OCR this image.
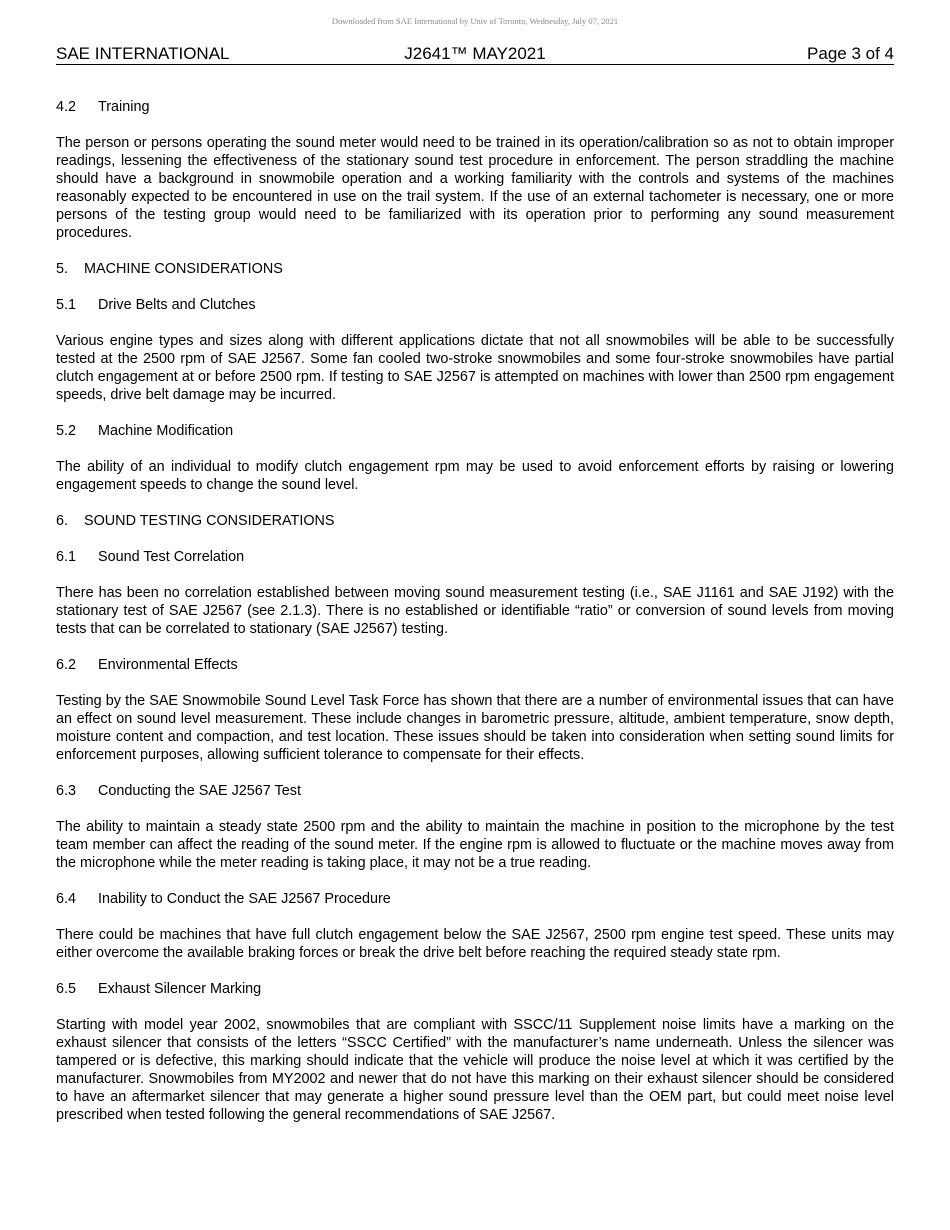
Downloaded from SAE International by Univ of Toronto, Wednesday, July 07, 2021
SAE INTERNATIONAL	J2641™ MAY2021	Page 3 of 4
4.2 Training

The person or persons operating the sound meter would need to be trained in its operation/calibration so as not to obtain improper readings, lessening the effectiveness of the stationary sound test procedure in enforcement. The person straddling the machine should have a background in snowmobile operation and a working familiarity with the controls and systems of the machines reasonably expected to be encountered in use on the trail system. If the use of an external tachometer is necessary, one or more persons of the testing group would need to be familiarized with its operation prior to performing any sound measurement procedures.

5. MACHINE CONSIDERATIONS
5.1 Drive Belts and Clutches

Various engine types and sizes along with different applications dictate that not all snowmobiles will be able to be successfully tested at the 2500 rpm of SAE J2567. Some fan cooled two-stroke snowmobiles and some four-stroke snowmobiles have partial clutch engagement at or before 2500 rpm. If testing to SAE J2567 is attempted on machines with lower than 2500 rpm engagement speeds, drive belt damage may be incurred.

5.2 Machine Modification

The ability of an individual to modify clutch engagement rpm may be used to avoid enforcement efforts by raising or lowering engagement speeds to change the sound level.

6. SOUND TESTING CONSIDERATIONS
6.1 Sound Test Correlation

There has been no correlation established between moving sound measurement testing (i.e., SAE J1161 and SAE J192) with the stationary test of SAE J2567 (see 2.1.3). There is no established or identifiable “ratio” or conversion of sound levels from moving tests that can be correlated to stationary (SAE J2567) testing.

6.2 Environmental Effects

Testing by the SAE Snowmobile Sound Level Task Force has shown that there are a number of environmental issues that can have an effect on sound level measurement. These include changes in barometric pressure, altitude, ambient temperature, snow depth, moisture content and compaction, and test location. These issues should be taken into consideration when setting sound limits for enforcement purposes, allowing sufficient tolerance to compensate for their effects.

6.3 Conducting the SAE J2567 Test

The ability to maintain a steady state 2500 rpm and the ability to maintain the machine in position to the microphone by the test team member can affect the reading of the sound meter. If the engine rpm is allowed to fluctuate or the machine moves away from the microphone while the meter reading is taking place, it may not be a true reading.

6.4 Inability to Conduct the SAE J2567 Procedure

There could be machines that have full clutch engagement below the SAE J2567, 2500 rpm engine test speed. These units may either overcome the available braking forces or break the drive belt before reaching the required steady state rpm.

6.5 Exhaust Silencer Marking

Starting with model year 2002, snowmobiles that are compliant with SSCC/11 Supplement noise limits have a marking on the exhaust silencer that consists of the letters “SSCC Certified” with the manufacturer’s name underneath. Unless the silencer was tampered or is defective, this marking should indicate that the vehicle will produce the noise level at which it was certified by the manufacturer. Snowmobiles from MY2002 and newer that do not have this marking on their exhaust silencer should be considered to have an aftermarket silencer that may generate a higher sound pressure level than the OEM part, but could meet noise level prescribed when tested following the general recommendations of SAE J2567.
